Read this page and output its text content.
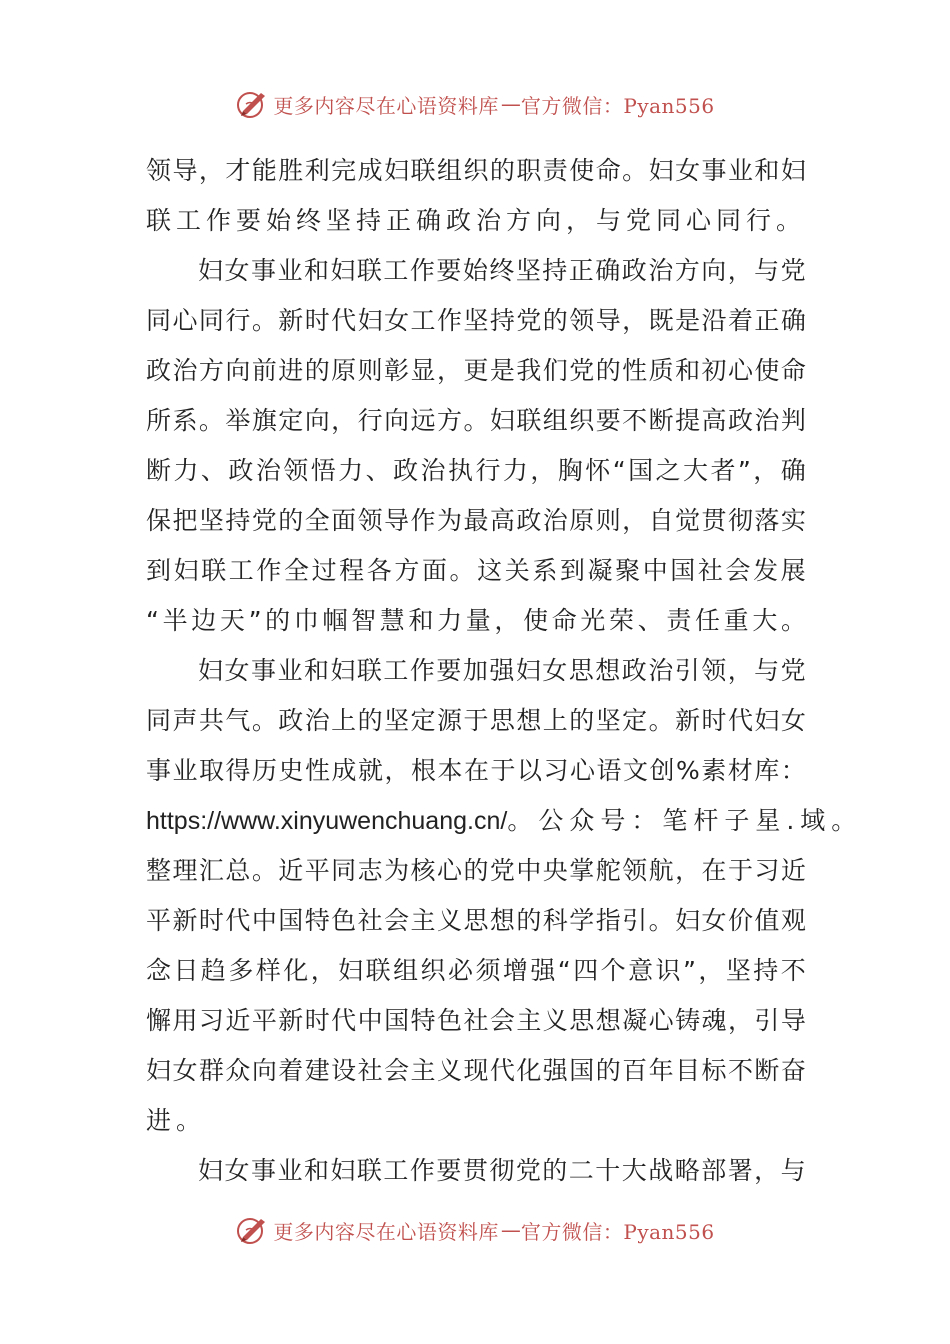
更多内容尽在心语资料库 — 官方微信：Pyan556
领 导 ， 才 能 胜 利 完 成 妇 联 组 织 的 职 责 使 命 。 妇 女 事 业 和 妇
联工作要始终坚持正确政治方向，与党同心同行。
妇 女 事 业 和 妇 联 工 作 要 始 终 坚 持 正 确 政 治 方 向 ， 与 党
同 心 同 行 。 新 时 代 妇 女 工 作 坚 持 党 的 领 导 ， 既 是 沿 着 正 确
政 治 方 向 前 进 的 原 则 彰 显 ， 更 是 我 们 党 的 性 质 和 初 心 使 命
所 系 。 举 旗 定 向 ， 行 向 远 方 。 妇 联 组 织 要 不 断 提 高 政 治 判
断 力 、 政 治 领 悟 力 、 政 治 执 行 力 ， 胸 怀 “ 国 之 大 者 ” ， 确
保 把 坚 持 党 的 全 面 领 导 作 为 最 高 政 治 原 则 ， 自 觉 贯 彻 落 实
到 妇 联 工 作 全 过 程 各 方 面 。 这 关 系 到 凝 聚 中 国 社 会 发 展
“ 半 边 天 ” 的 巾 帼 智 慧 和 力 量 ， 使 命 光 荣 、 责 任 重 大 。
妇 女 事 业 和 妇 联 工 作 要 加 强 妇 女 思 想 政 治 引 领 ， 与 党
同 声 共 气 。 政 治 上 的 坚 定 源 于 思 想 上 的 坚 定 。 新 时 代 妇 女
事 业 取 得 历 史 性 成 就 ， 根 本 在 于 以 习 心 语 文 创 % 素 材 库 ：
https://www.xinyuwenchuang.cn/ 。公众号：笔杆子星.域。
整 理 汇 总 。 近 平 同 志 为 核 心 的 党 中 央 掌 舵 领 航 ， 在 于 习 近
平 新 时 代 中 国 特 色 社 会 主 义 思 想 的 科 学 指 引 。 妇 女 价 值 观
念 日 趋 多 样 化 ， 妇 联 组 织 必 须 增 强 “ 四 个 意 识 ” ， 坚 持 不
懈 用 习 近 平 新 时 代 中 国 特 色 社 会 主 义 思 想 凝 心 铸 魂 ， 引 导
妇 女 群 众 向 着 建 设 社 会 主 义 现 代 化 强 国 的 百 年 目 标 不 断 奋
进。
妇 女 事 业 和 妇 联 工 作 要 贯 彻 党 的 二 十 大 战 略 部 署 ， 与
更多内容尽在心语资料库 — 官方微信：Pyan556
